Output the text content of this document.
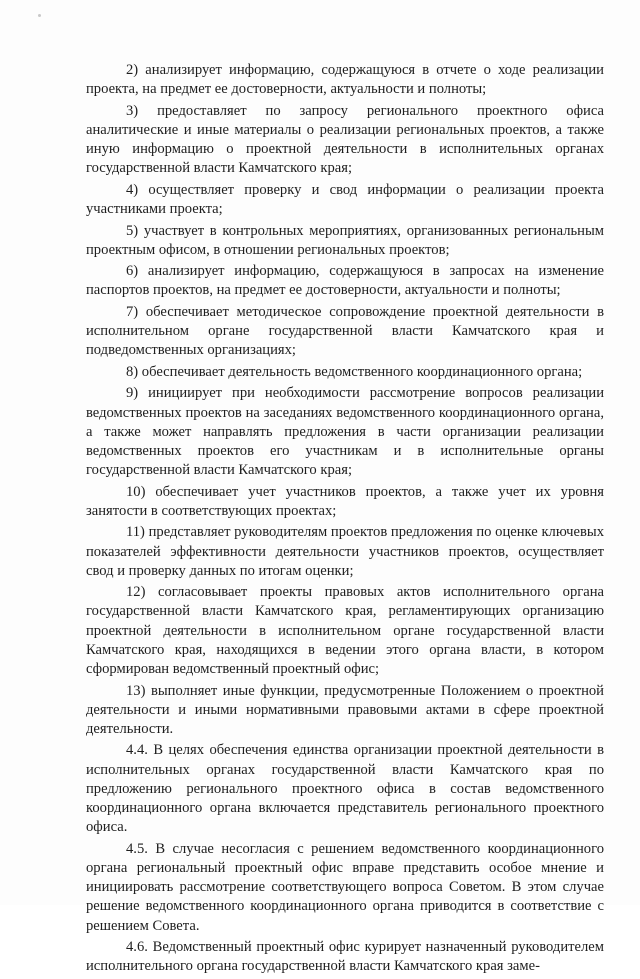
2) анализирует информацию, содержащуюся в отчете о ходе реализации проекта, на предмет ее достоверности, актуальности и полноты;

3) предоставляет по запросу регионального проектного офиса аналитические и иные материалы о реализации региональных проектов, а также иную информацию о проектной деятельности в исполнительных органах государственной власти Камчатского края;

4) осуществляет проверку и свод информации о реализации проекта участниками проекта;

5) участвует в контрольных мероприятиях, организованных региональным проектным офисом, в отношении региональных проектов;

6) анализирует информацию, содержащуюся в запросах на изменение паспортов проектов, на предмет ее достоверности, актуальности и полноты;

7) обеспечивает методическое сопровождение проектной деятельности в исполнительном органе государственной власти Камчатского края и подведомственных организациях;

8) обеспечивает деятельность ведомственного координационного органа;

9) инициирует при необходимости рассмотрение вопросов реализации ведомственных проектов на заседаниях ведомственного координационного органа, а также может направлять предложения в части организации реализации ведомственных проектов его участникам и в исполнительные органы государственной власти Камчатского края;

10) обеспечивает учет участников проектов, а также учет их уровня занятости в соответствующих проектах;

11) представляет руководителям проектов предложения по оценке ключевых показателей эффективности деятельности участников проектов, осуществляет свод и проверку данных по итогам оценки;

12) согласовывает проекты правовых актов исполнительного органа государственной власти Камчатского края, регламентирующих организацию проектной деятельности в исполнительном органе государственной власти Камчатского края, находящихся в ведении этого органа власти, в котором сформирован ведомственный проектный офис;

13) выполняет иные функции, предусмотренные Положением о проектной деятельности и иными нормативными правовыми актами в сфере проектной деятельности.

4.4. В целях обеспечения единства организации проектной деятельности в исполнительных органах государственной власти Камчатского края по предложению регионального проектного офиса в состав ведомственного координационного органа включается представитель регионального проектного офиса.

4.5. В случае несогласия с решением ведомственного координационного органа региональный проектный офис вправе представить особое мнение и инициировать рассмотрение соответствующего вопроса Советом. В этом случае решение ведомственного координационного органа приводится в соответствие с решением Совета.

4.6. Ведомственный проектный офис курирует назначенный руководителем исполнительного органа государственной власти Камчатского края заме-
